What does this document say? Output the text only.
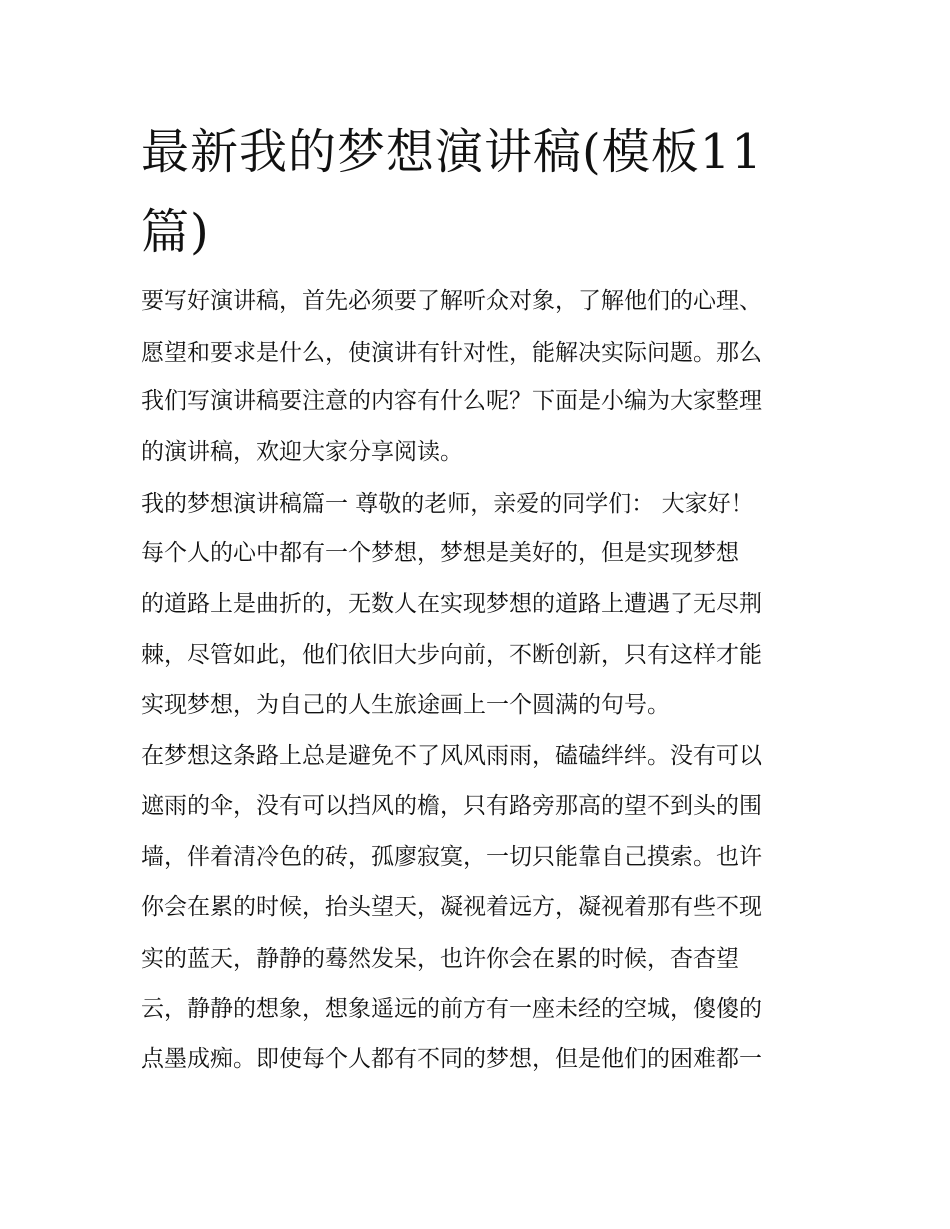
最新我的梦想演讲稿(模板11篇)

要写好演讲稿，首先必须要了解听众对象，了解他们的心理、

愿望和要求是什么，使演讲有针对性，能解决实际问题。那么

我们写演讲稿要注意的内容有什么呢？下面是小编为大家整理

的演讲稿，欢迎大家分享阅读。

我的梦想演讲稿篇一 尊敬的老师，亲爱的同学们： 大家好！

每个人的心中都有一个梦想，梦想是美好的，但是实现梦想

的道路上是曲折的，无数人在实现梦想的道路上遭遇了无尽荆

棘，尽管如此，他们依旧大步向前，不断创新，只有这样才能

实现梦想，为自己的人生旅途画上一个圆满的句号。

在梦想这条路上总是避免不了风风雨雨，磕磕绊绊。没有可以

遮雨的伞，没有可以挡风的檐，只有路旁那高的望不到头的围

墙，伴着清冷色的砖，孤廖寂寞，一切只能靠自己摸索。也许

你会在累的时候，抬头望天，凝视着远方，凝视着那有些不现

实的蓝天，静静的蓦然发呆，也许你会在累的时候，杳杳望

云，静静的想象，想象遥远的前方有一座未经的空城，傻傻的

点墨成痴。即使每个人都有不同的梦想，但是他们的困难都一
